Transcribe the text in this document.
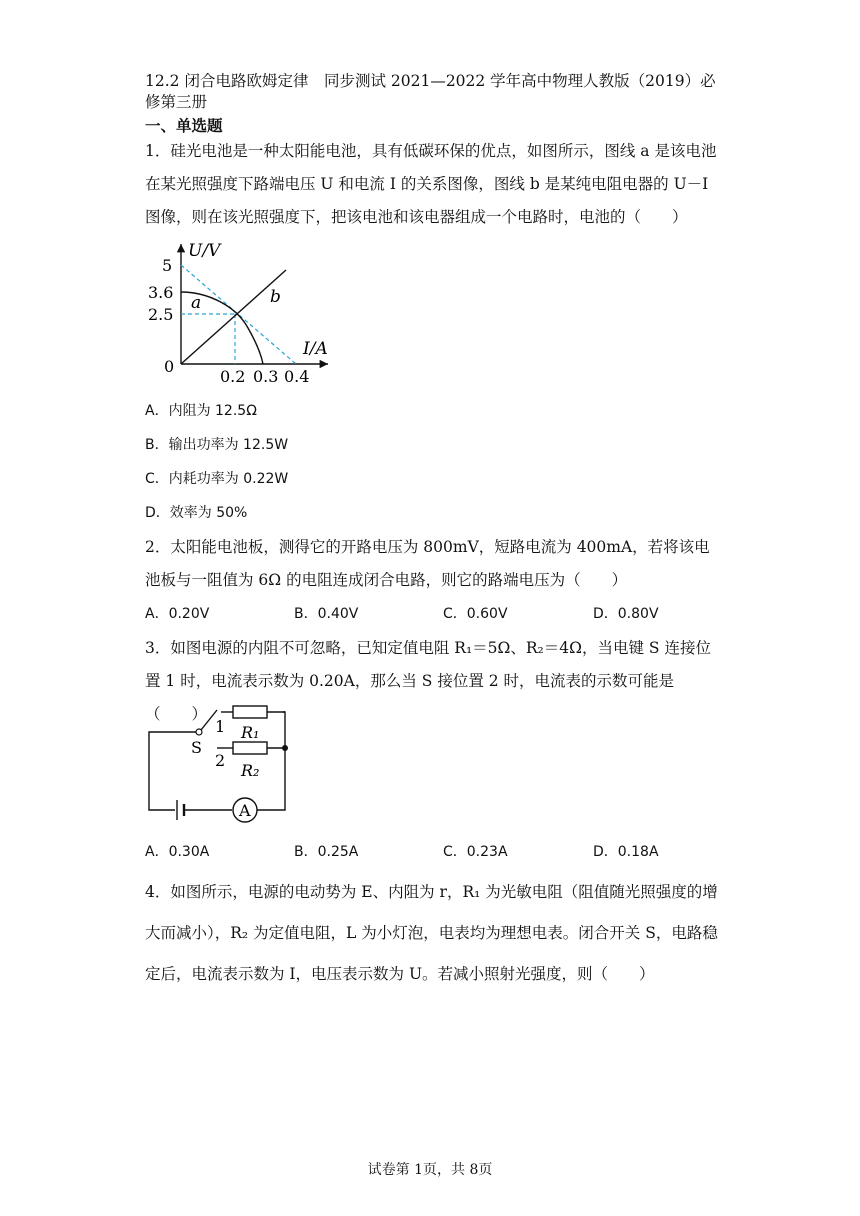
12.2 闭合电路欧姆定律　同步测试 2021—2022 学年高中物理人教版（2019）必修第三册
一、单选题
1．硅光电池是一种太阳能电池，具有低碳环保的优点，如图所示，图线 a 是该电池在某光照强度下路端电压 U 和电流 I 的关系图像，图线 b 是某纯电阻电器的 U－I 图像，则在该光照强度下，把该电池和该电器组成一个电路时，电池的（　　）
U/V
I/A
5
3.6
2.5
0
0.2 0.3 0.4
a	b
A．内阻为 12.5Ω
B．输出功率为 12.5W
C．内耗功率为 0.22W
D．效率为 50%
2．太阳能电池板，测得它的开路电压为 800mV，短路电流为 400mA，若将该电池板与一阻值为 6Ω 的电阻连成闭合电路，则它的路端电压为（　　）
A．0.20V	B．0.40V	C．0.60V	D．0.80V
3．如图电源的内阻不可忽略，已知定值电阻 R₁＝5Ω、R₂＝4Ω，当电键 S 连接位置 1 时，电流表示数为 0.20A，那么当 S 接位置 2 时，电流表的示数可能是（　　）
A
S
1
2
R₁
R₂
A．0.30A	B．0.25A	C．0.23A	D．0.18A
4．如图所示，电源的电动势为 E、内阻为 r，R₁ 为光敏电阻（阻值随光照强度的增大而减小），R₂ 为定值电阻，L 为小灯泡，电表均为理想电表。闭合开关 S，电路稳定后，电流表示数为 I，电压表示数为 U。若减小照射光强度，则（　　）
试卷第 1页，共 8页
